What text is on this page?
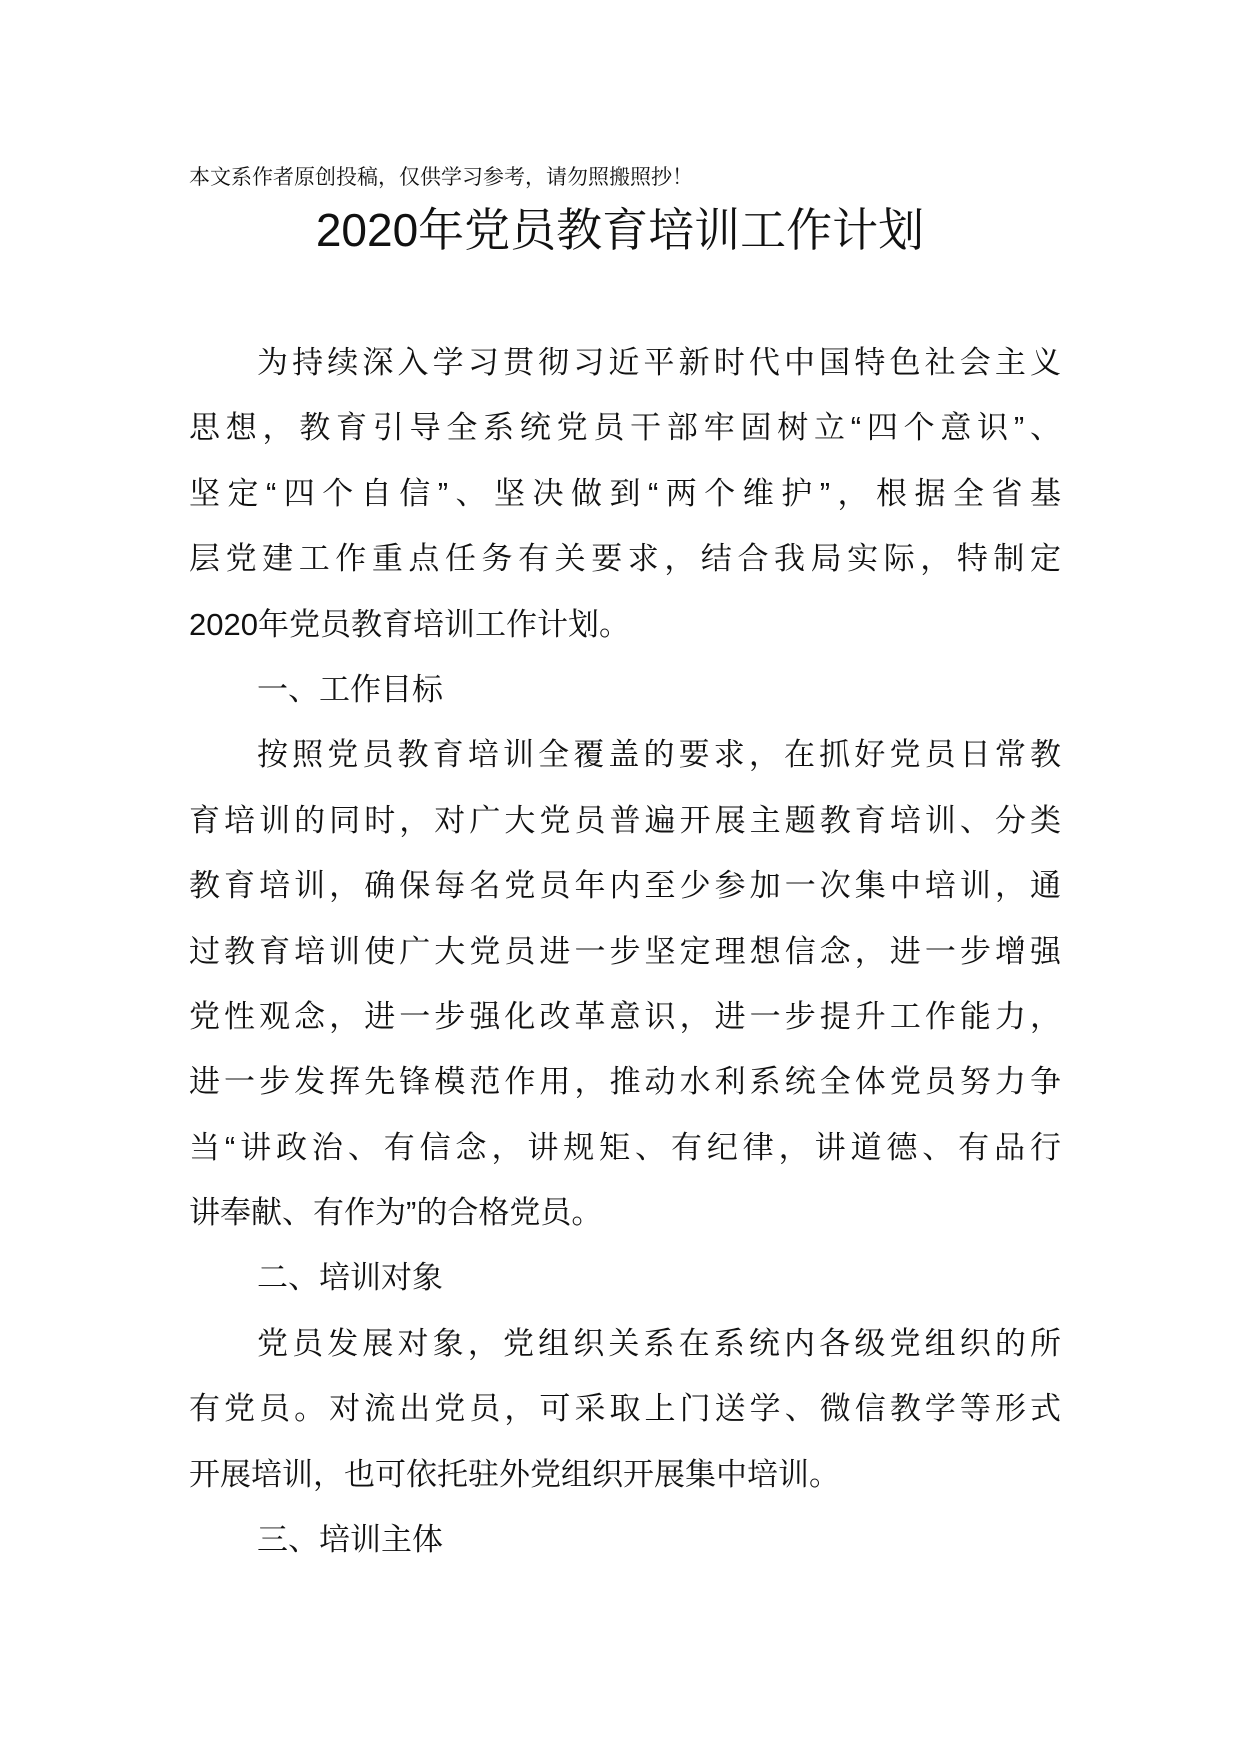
本文系作者原创投稿，仅供学习参考，请勿照搬照抄！
2020年党员教育培训工作计划
为持续深入学习贯彻习近平新时代中国特色社会主义
思想，教育引导全系统党员干部牢固树立“四个意识”、
坚定“四个自信”、坚决做到“两个维护”，根据全省基
层党建工作重点任务有关要求，结合我局实际，特制定
2020年党员教育培训工作计划。
一、工作目标
按照党员教育培训全覆盖的要求，在抓好党员日常教
育培训的同时，对广大党员普遍开展主题教育培训、分类
教育培训，确保每名党员年内至少参加一次集中培训，通
过教育培训使广大党员进一步坚定理想信念，进一步增强
党性观念，进一步强化改革意识，进一步提升工作能力，
进一步发挥先锋模范作用，推动水利系统全体党员努力争
当“讲政治、有信念，讲规矩、有纪律，讲道德、有品行
讲奉献、有作为”的合格党员。
二、培训对象
党员发展对象，党组织关系在系统内各级党组织的所
有党员。对流出党员，可采取上门送学、微信教学等形式
开展培训，也可依托驻外党组织开展集中培训。
三、培训主体
